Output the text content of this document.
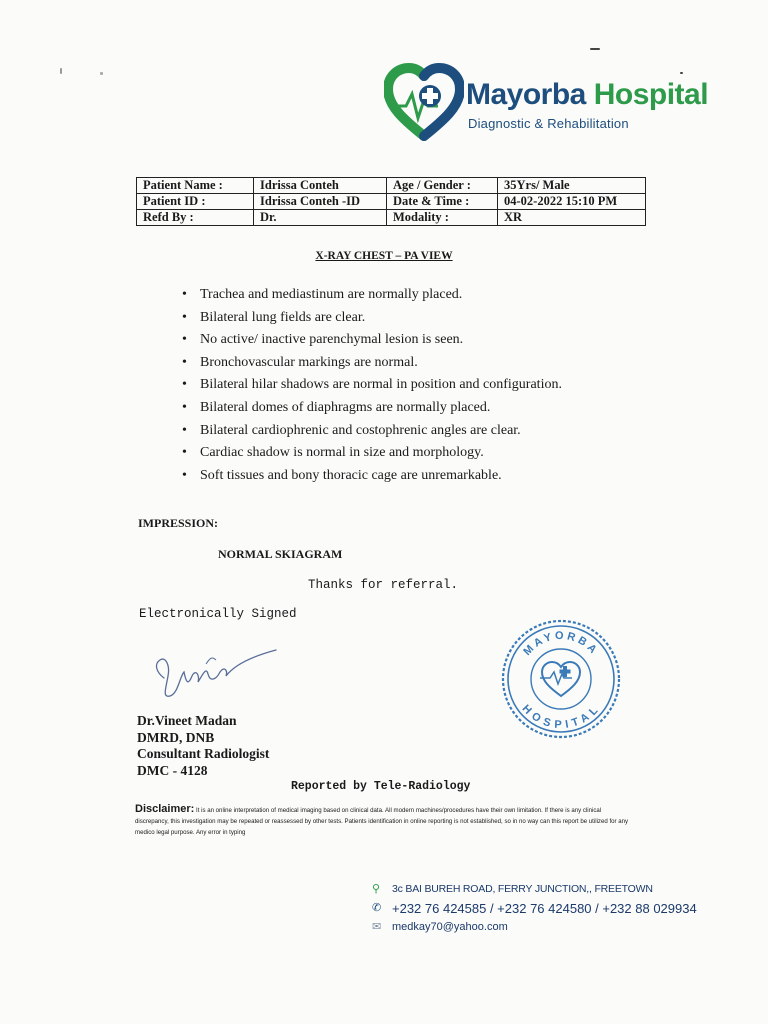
Mayorba Hospital
Diagnostic & Rehabilitation
Patient Name :	Idrissa Conteh	Age / Gender :	35Yrs/ Male
Patient ID :	Idrissa Conteh -ID	Date & Time :	04-02-2022 15:10 PM
Refd By :	Dr.	Modality :	XR
X-RAY CHEST – PA VIEW
• Trachea and mediastinum are normally placed.
• Bilateral lung fields are clear.
• No active/ inactive parenchymal lesion is seen.
• Bronchovascular markings are normal.
• Bilateral hilar shadows are normal in position and configuration.
• Bilateral domes of diaphragms are normally placed.
• Bilateral cardiophrenic and costophrenic angles are clear.
• Cardiac shadow is normal in size and morphology.
• Soft tissues and bony thoracic cage are unremarkable.
IMPRESSION:
NORMAL SKIAGRAM
Thanks for referral.
Electronically Signed
MAYORBA
HOSPITAL
Dr.Vineet Madan
DMRD, DNB
Consultant Radiologist
DMC - 4128
Reported by Tele-Radiology
Disclaimer: It is an online interpretation of medical imaging based on clinical data. All modern machines/procedures have their own limitation. If there is any clinical discrepancy, this investigation may be repeated or reassessed by other tests. Patients identification in online reporting is not established, so in no way can this report be utilized for any medico legal purpose. Any error in typing
⚲ 3c BAI BUREH ROAD, FERRY JUNCTION,, FREETOWN
✆ +232 76 424585 / +232 76 424580 / +232 88 029934
✉ medkay70@yahoo.com
